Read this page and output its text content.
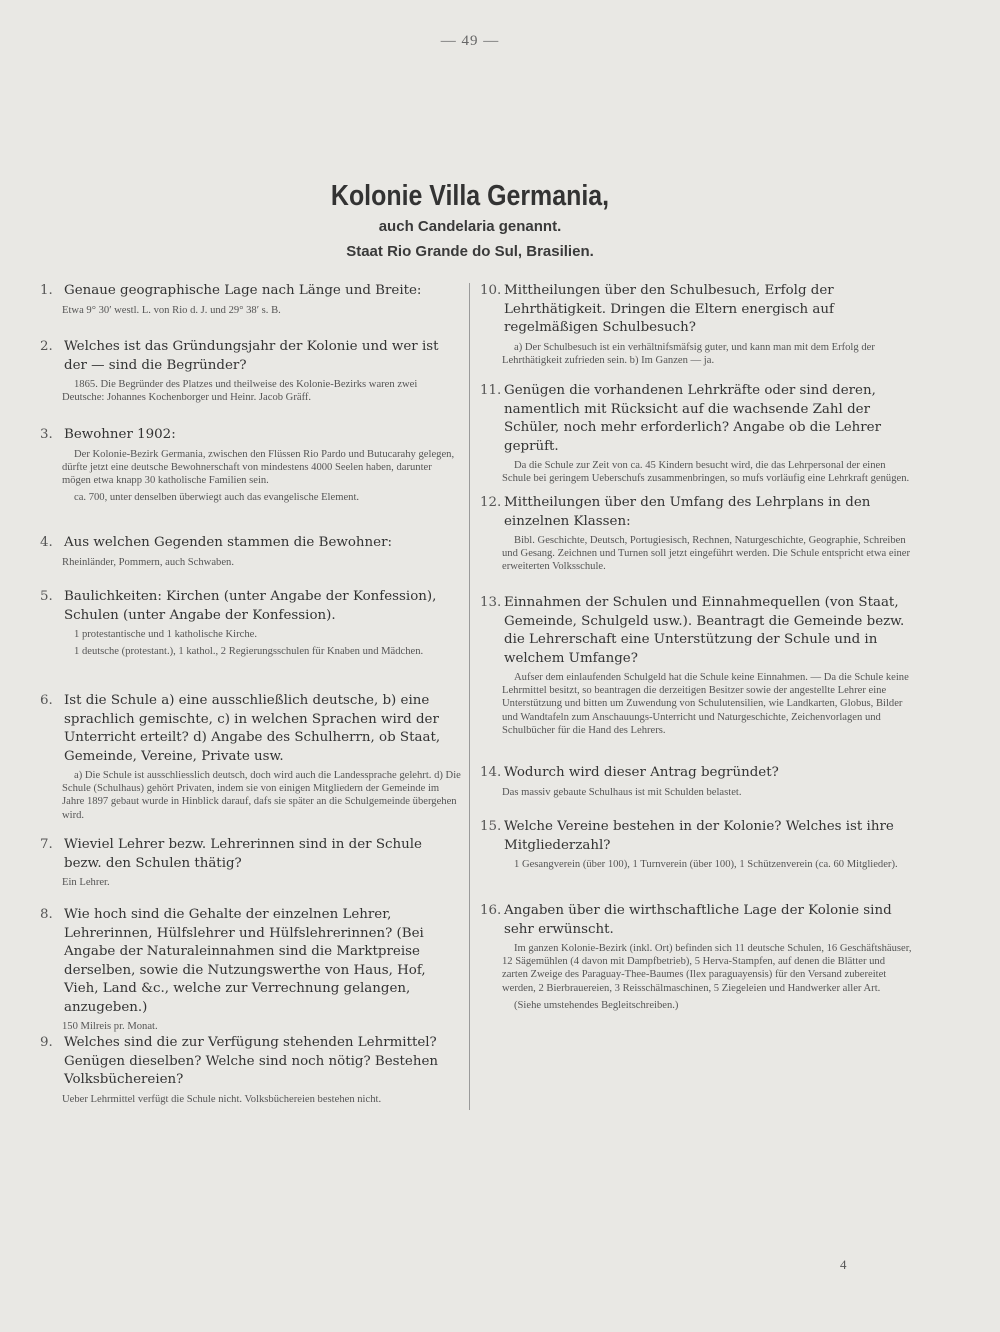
— 49 —
Kolonie Villa Germania,
auch Candelaria genannt.
Staat Rio Grande do Sul, Brasilien.
1. Genaue geographische Lage nach Länge und Breite:

Etwa 9° 30′ westl. L. von Rio d. J. und 29° 38′ s. B.

2. Welches ist das Gründungsjahr der Kolonie und wer ist der — sind die Begründer?

1865. Die Begründer des Platzes und theilweise des Kolonie-Bezirks waren zwei Deutsche: Johannes Kochenborger und Heinr. Jacob Gräff.

3. Bewohner 1902:

Der Kolonie-Bezirk Germania, zwischen den Flüssen Rio Pardo und Butucarahy gelegen, dürfte jetzt eine deutsche Bewohnerschaft von mindestens 4000 Seelen haben, darunter mögen etwa knapp 30 katholische Familien sein.

ca. 700, unter denselben überwiegt auch das evangelische Element.

4. Aus welchen Gegenden stammen die Bewohner:

Rheinländer, Pommern, auch Schwaben.

5. Baulichkeiten: Kirchen (unter Angabe der Konfession), Schulen (unter Angabe der Konfession).

1 protestantische und 1 katholische Kirche.

1 deutsche (protestant.), 1 kathol., 2 Regierungsschulen für Knaben und Mädchen.

6. Ist die Schule a) eine ausschließlich deutsche, b) eine sprachlich gemischte, c) in welchen Sprachen wird der Unterricht erteilt? d) Angabe des Schulherrn, ob Staat, Gemeinde, Vereine, Private usw.

a) Die Schule ist ausschliesslich deutsch, doch wird auch die Landessprache gelehrt. d) Die Schule (Schulhaus) gehört Privaten, indem sie von einigen Mitgliedern der Gemeinde im Jahre 1897 gebaut wurde in Hinblick darauf, dafs sie später an die Schulgemeinde übergehen wird.

7. Wieviel Lehrer bezw. Lehrerinnen sind in der Schule bezw. den Schulen thätig?

Ein Lehrer.

8. Wie hoch sind die Gehalte der einzelnen Lehrer, Lehrerinnen, Hülfslehrer und Hülfslehrerinnen? (Bei Angabe der Naturaleinnahmen sind die Marktpreise derselben, sowie die Nutzungswerthe von Haus, Hof, Vieh, Land &c., welche zur Verrechnung gelangen, anzugeben.)

150 Milreis pr. Monat.

9. Welches sind die zur Verfügung stehenden Lehrmittel? Genügen dieselben? Welche sind noch nötig? Bestehen Volksbüchereien?

Ueber Lehrmittel verfügt die Schule nicht. Volksbüchereien bestehen nicht.

10. Mittheilungen über den Schulbesuch, Erfolg der Lehrthätigkeit. Dringen die Eltern energisch auf regelmäßigen Schulbesuch?

a) Der Schulbesuch ist ein verhältnifsmäfsig guter, und kann man mit dem Erfolg der Lehrthätigkeit zufrieden sein. b) Im Ganzen — ja.

11. Genügen die vorhandenen Lehrkräfte oder sind deren, namentlich mit Rücksicht auf die wachsende Zahl der Schüler, noch mehr erforderlich? Angabe ob die Lehrer geprüft.

Da die Schule zur Zeit von ca. 45 Kindern besucht wird, die das Lehrpersonal der einen Schule bei geringem Ueberschufs zusammenbringen, so mufs vorläufig eine Lehrkraft genügen.

12. Mittheilungen über den Umfang des Lehrplans in den einzelnen Klassen:

Bibl. Geschichte, Deutsch, Portugiesisch, Rechnen, Naturgeschichte, Geographie, Schreiben und Gesang. Zeichnen und Turnen soll jetzt eingeführt werden. Die Schule entspricht etwa einer erweiterten Volksschule.

13. Einnahmen der Schulen und Einnahmequellen (von Staat, Gemeinde, Schulgeld usw.). Beantragt die Gemeinde bezw. die Lehrerschaft eine Unterstützung der Schule und in welchem Umfange?

Aufser dem einlaufenden Schulgeld hat die Schule keine Einnahmen. — Da die Schule keine Lehrmittel besitzt, so beantragen die derzeitigen Besitzer sowie der angestellte Lehrer eine Unterstützung und bitten um Zuwendung von Schulutensilien, wie Landkarten, Globus, Bilder und Wandtafeln zum Anschauungs-Unterricht und Naturgeschichte, Zeichenvorlagen und Schulbücher für die Hand des Lehrers.

14. Wodurch wird dieser Antrag begründet?

Das massiv gebaute Schulhaus ist mit Schulden belastet.

15. Welche Vereine bestehen in der Kolonie? Welches ist ihre Mitgliederzahl?

1 Gesangverein (über 100), 1 Turnverein (über 100), 1 Schützenverein (ca. 60 Mitglieder).

16. Angaben über die wirthschaftliche Lage der Kolonie sind sehr erwünscht.

Im ganzen Kolonie-Bezirk (inkl. Ort) befinden sich 11 deutsche Schulen, 16 Geschäftshäuser, 12 Sägemühlen (4 davon mit Dampfbetrieb), 5 Herva-Stampfen, auf denen die Blätter und zarten Zweige des Paraguay-Thee-Baumes (Ilex paraguayensis) für den Versand zubereitet werden, 2 Bierbrauereien, 3 Reisschälmaschinen, 5 Ziegeleien und Handwerker aller Art.

(Siehe umstehendes Begleitschreiben.)

4
